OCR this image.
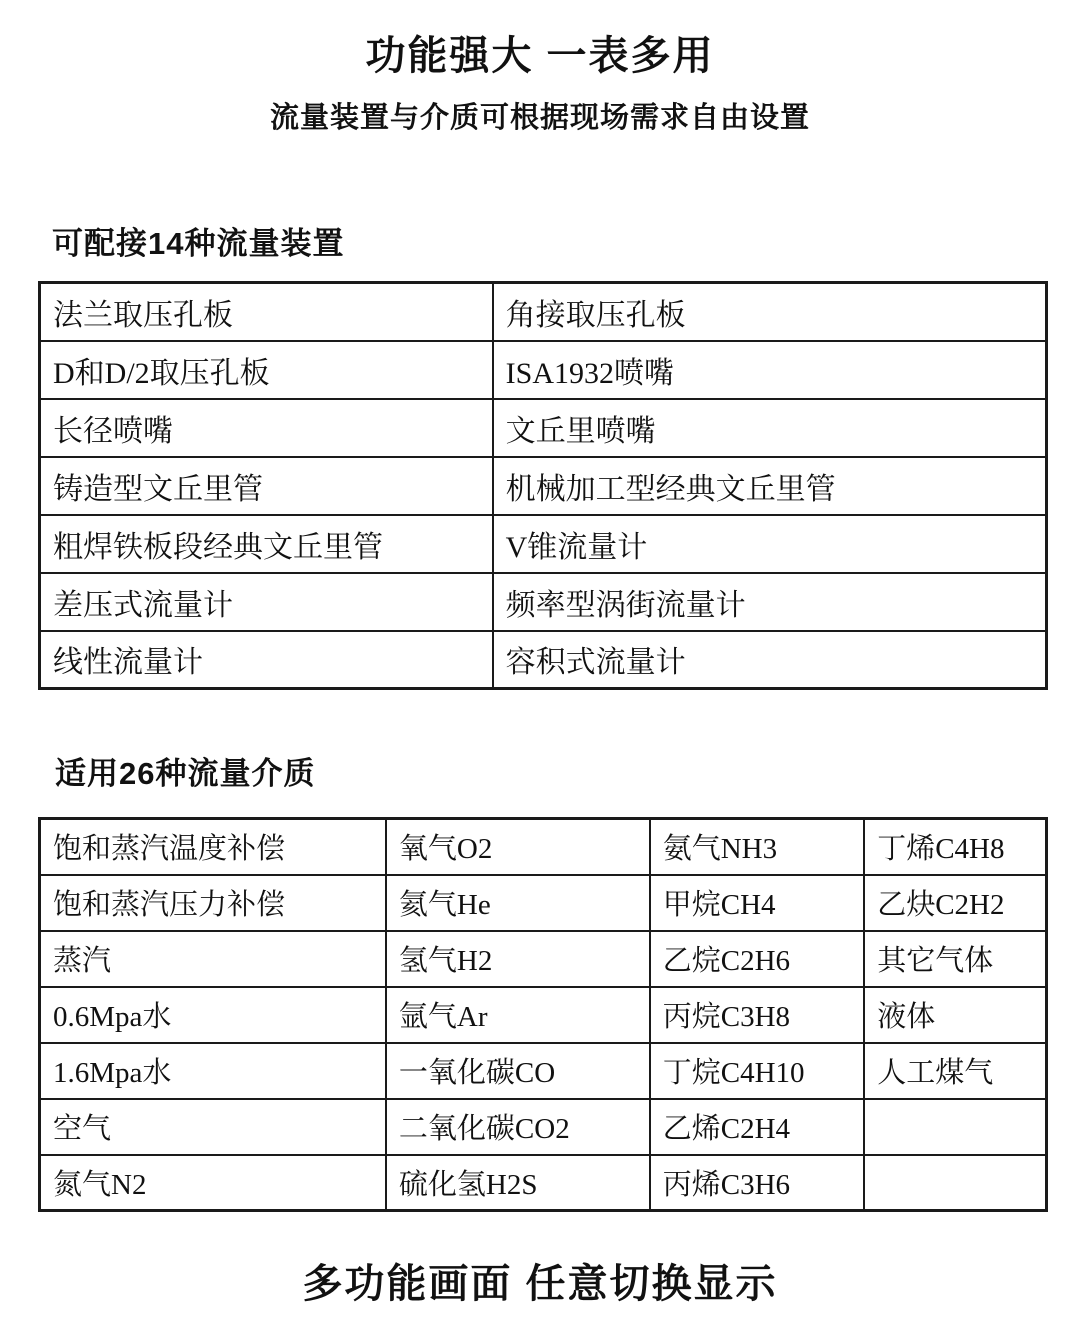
功能强大 一表多用
流量装置与介质可根据现场需求自由设置
可配接14种流量装置
法兰取压孔板	角接取压孔板
D和D/2取压孔板	ISA1932喷嘴
长径喷嘴	文丘里喷嘴
铸造型文丘里管	机械加工型经典文丘里管
粗焊铁板段经典文丘里管	V锥流量计
差压式流量计	频率型涡街流量计
线性流量计	容积式流量计
适用26种流量介质
饱和蒸汽温度补偿	氧气O2	氨气NH3	丁烯C4H8
饱和蒸汽压力补偿	氦气He	甲烷CH4	乙炔C2H2
蒸汽	氢气H2	乙烷C2H6	其它气体
0.6Mpa水	氩气Ar	丙烷C3H8	液体
1.6Mpa水	一氧化碳CO	丁烷C4H10	人工煤气
空气	二氧化碳CO2	乙烯C2H4	
氮气N2	硫化氢H2S	丙烯C3H6	
多功能画面 任意切换显示
